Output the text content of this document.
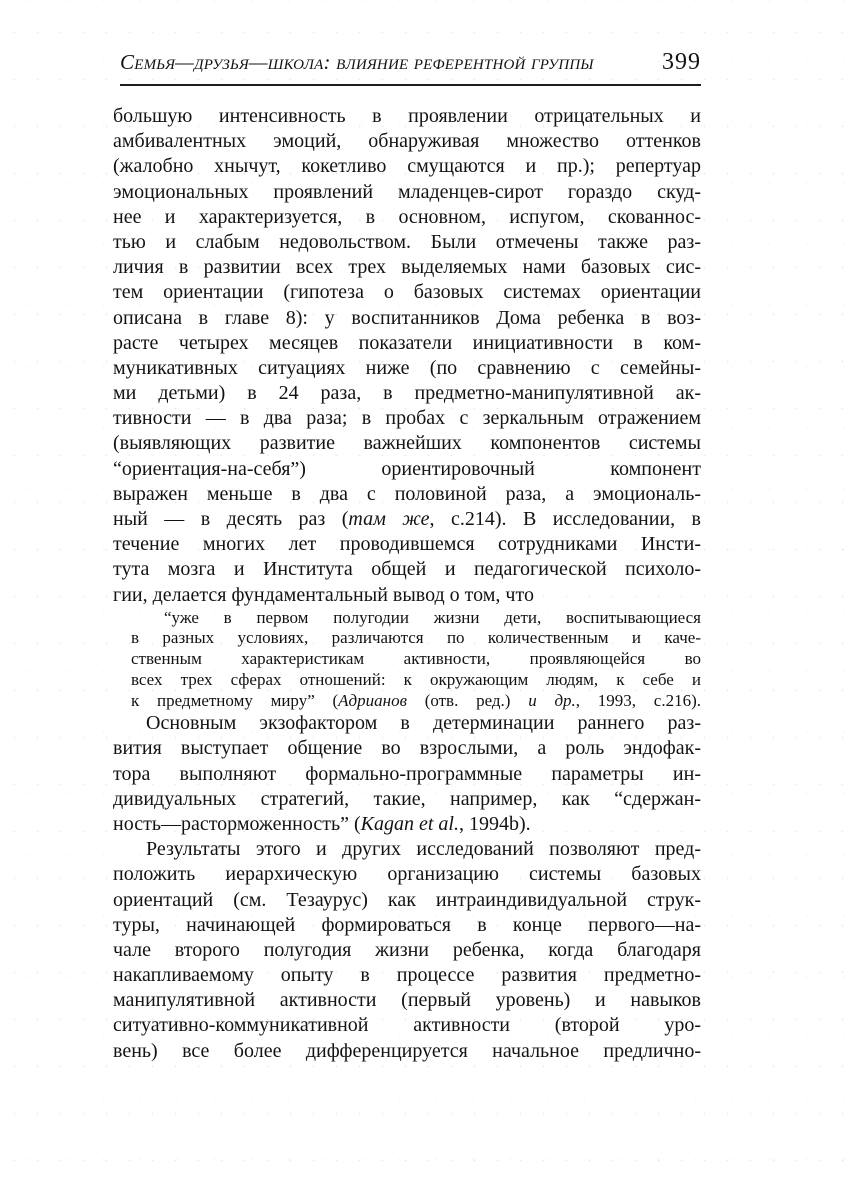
Семья—друзья—школа: влияние референтной группы	399
большую интенсивность в проявлении отрицательных и
амбивалентных эмоций, обнаруживая множество оттенков
(жалобно хнычут, кокетливо смущаются и пр.); репертуар
эмоциональных проявлений младенцев-сирот гораздо скуд-
нее и характеризуется, в основном, испугом, скованнос-
тью и слабым недовольством. Были отмечены также раз-
личия в развитии всех трех выделяемых нами базовых сис-
тем ориентации (гипотеза о базовых системах ориентации
описана в главе 8): у воспитанников Дома ребенка в воз-
расте четырех месяцев показатели инициативности в ком-
муникативных ситуациях ниже (по сравнению с семейны-
ми детьми) в 24 раза, в предметно-манипулятивной ак-
тивности — в два раза; в пробах с зеркальным отражением
(выявляющих развитие важнейших компонентов системы
“ориентация-на-себя”) ориентировочный компонент
выражен меньше в два с половиной раза, а эмоциональ-
ный — в десять раз (там же, с.214). В исследовании, в
течение многих лет проводившемся сотрудниками Инсти-
тута мозга и Института общей и педагогической психоло-
гии, делается фундаментальный вывод о том, что
“уже в первом полугодии жизни дети, воспитывающиеся
в разных условиях, различаются по количественным и каче-
ственным характеристикам активности, проявляющейся во
всех трех сферах отношений: к окружающим людям, к себе и
к предметному миру” (Адрианов (отв. ред.) и др., 1993, с.216).
Основным экзофактором в детерминации раннего раз-
вития выступает общение во взрослыми, а роль эндофак-
тора выполняют формально-программные параметры ин-
дивидуальных стратегий, такие, например, как “сдержан-
ность—расторможенность” (Kagan et al., 1994b).
Результаты этого и других исследований позволяют пред-
положить иерархическую организацию системы базовых
ориентаций (см. Тезаурус) как интраиндивидуальной струк-
туры, начинающей формироваться в конце первого—на-
чале второго полугодия жизни ребенка, когда благодаря
накапливаемому опыту в процессе развития предметно-
манипулятивной активности (первый уровень) и навыков
ситуативно-коммуникативной активности (второй уро-
вень) все более дифференцируется начальное предлично-
